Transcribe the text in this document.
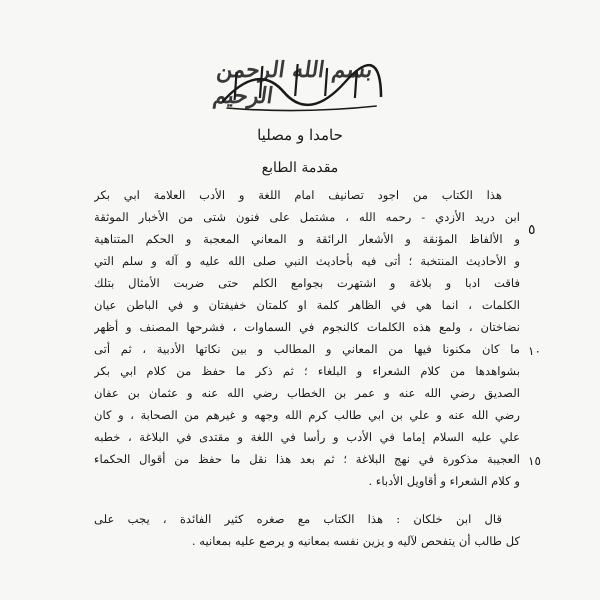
بسم الله الرحمن الرحيم
حامدا و مصليا
مقدمة الطابع
هذا الكتاب من اجود تصانيف امام اللغة و الأدب العلامة ابي بكر
ابن دريد الأزدي - رحمه الله ، مشتمل على فنون شتى من الأخبار الموثقة
و الألفاظ المؤنقة و الأشعار الرائقة و المعاني المعجبة و الحكم المتناهية
و الأحاديث المنتخبة ؛ أتى فيه بأحاديث النبي صلى الله عليه و آله و سلم التي
فاقت ادبا و بلاغة و اشتهرت بجوامع الكلم حتى ضربت الأمثال بتلك
الكلمات ، انما هي في الظاهر كلمة او كلمتان خفيفتان و في الباطن عيان
نضاختان ، ولمع هذه الكلمات كالنجوم في السماوات ، فشرحها المصنف و أظهر
ما كان مكنونا فيها من المعاني و المطالب و بين نكاتها الأدبية ، ثم أتى
بشواهدها من كلام الشعراء و البلغاء ؛ ثم ذكر ما حفظ من كلام ابي بكر
الصديق رضي الله عنه و عمر بن الخطاب رضي الله عنه و عثمان بن عفان
رضي الله عنه و علي بن ابي طالب كرم الله وجهه و غيرهم من الصحابة ، و كان
علي عليه السلام إماما في الأدب و رأسا في اللغة و مقتدى في البلاغة ، خطبه
العجيبة مذكورة في نهج البلاغة ؛ ثم بعد هذا نقل ما حفظ من أقوال الحكماء
و كلام الشعراء و أقاويل الأدباء .
قال ابن خلكان : هذا الكتاب مع صغره كثير الفائدة ، يجب على
كل طالب أن يتفحص لآليه و يزين نفسه بمعانيه و يرصع عليه بمعانيه .
٥
١٠
١٥
